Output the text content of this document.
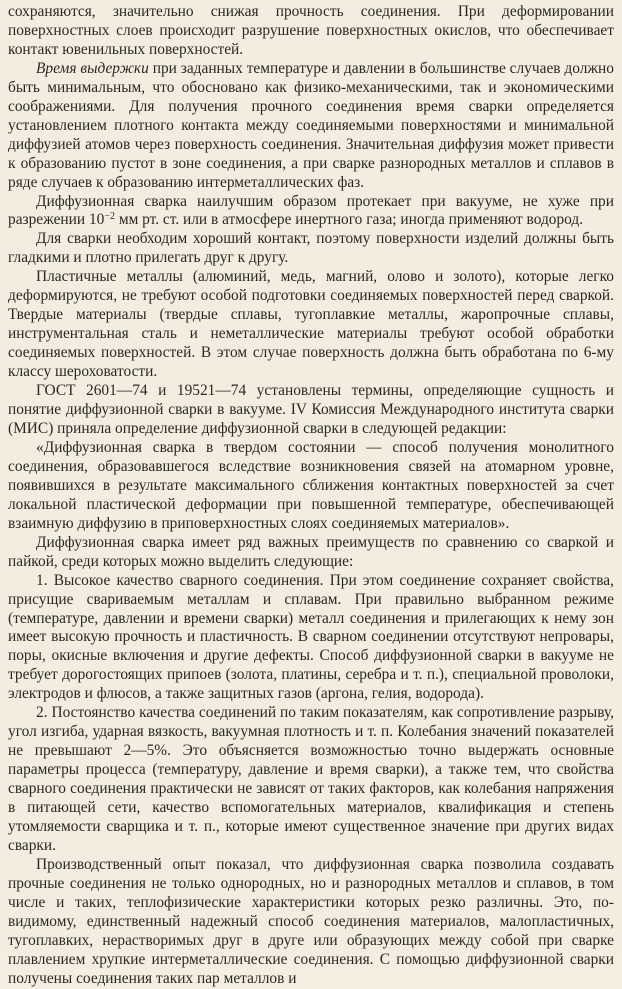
сохраняются, значительно снижая прочность соединения. При деформировании поверхностных слоев происходит разрушение поверхностных окислов, что обеспечивает контакт ювенильных поверхностей.

Время выдержки при заданных температуре и давлении в большинстве случаев должно быть минимальным, что обосновано как физико-механическими, так и экономическими соображениями. Для получения прочного соединения время сварки определяется установлением плотного контакта между соединяемыми поверхностями и минимальной диффузией атомов через поверхность соединения. Значительная диффузия может привести к образованию пустот в зоне соединения, а при сварке разнородных металлов и сплавов в ряде случаев к образованию интерметаллических фаз.

Диффузионная сварка наилучшим образом протекает при вакууме, не хуже при разрежении $10^{-2}$ мм рт. ст. или в атмосфере инертного газа; иногда применяют водород.

Для сварки необходим хороший контакт, поэтому поверхности изделий должны быть гладкими и плотно прилегать друг к другу.

Пластичные металлы (алюминий, медь, магний, олово и золото), которые легко деформируются, не требуют особой подготовки соединяемых поверхностей перед сваркой. Твердые материалы (твердые сплавы, тугоплавкие металлы, жаропрочные сплавы, инструментальная сталь и неметаллические материалы требуют особой обработки соединяемых поверхностей. В этом случае поверхность должна быть обработана по 6-му классу шероховатости.

ГОСТ 2601—74 и 19521—74 установлены термины, определяющие сущность и понятие диффузионной сварки в вакууме. IV Комиссия Международного института сварки (МИС) приняла определение диффузионной сварки в следующей редакции:

«Диффузионная сварка в твердом состоянии — способ получения монолитного соединения, образовавшегося вследствие возникновения связей на атомарном уровне, появившихся в результате максимального сближения контактных поверхностей за счет локальной пластической деформации при повышенной температуре, обеспечивающей взаимную диффузию в приповерхностных слоях соединяемых материалов».

Диффузионная сварка имеет ряд важных преимуществ по сравнению со сваркой и пайкой, среди которых можно выделить следующие:

1. Высокое качество сварного соединения. При этом соединение сохраняет свойства, присущие свариваемым металлам и сплавам. При правильно выбранном режиме (температуре, давлении и времени сварки) металл соединения и прилегающих к нему зон имеет высокую прочность и пластичность. В сварном соединении отсутствуют непровары, поры, окисные включения и другие дефекты. Способ диффузионной сварки в вакууме не требует дорогостоящих припоев (золота, платины, серебра и т. п.), специальной проволоки, электродов и флюсов, а также защитных газов (аргона, гелия, водорода).

2. Постоянство качества соединений по таким показателям, как сопротивление разрыву, угол изгиба, ударная вязкость, вакуумная плотность и т. п. Колебания значений показателей не превышают 2—5%. Это объясняется возможностью точно выдержать основные параметры процесса (температуру, давление и время сварки), а также тем, что свойства сварного соединения практически не зависят от таких факторов, как колебания напряжения в питающей сети, качество вспомогательных материалов, квалификация и степень утомляемости сварщика и т. п., которые имеют существенное значение при других видах сварки.

Производственный опыт показал, что диффузионная сварка позволила создавать прочные соединения не только однородных, но и разнородных металлов и сплавов, в том числе и таких, теплофизические характеристики которых резко различны. Это, по-видимому, единственный надежный способ соединения материалов, малопластичных, тугоплавких, нерастворимых друг в друге или образующих между собой при сварке плавлением хрупкие интерметаллические соединения. С помощью диффузионной сварки получены соединения таких пар металлов и
